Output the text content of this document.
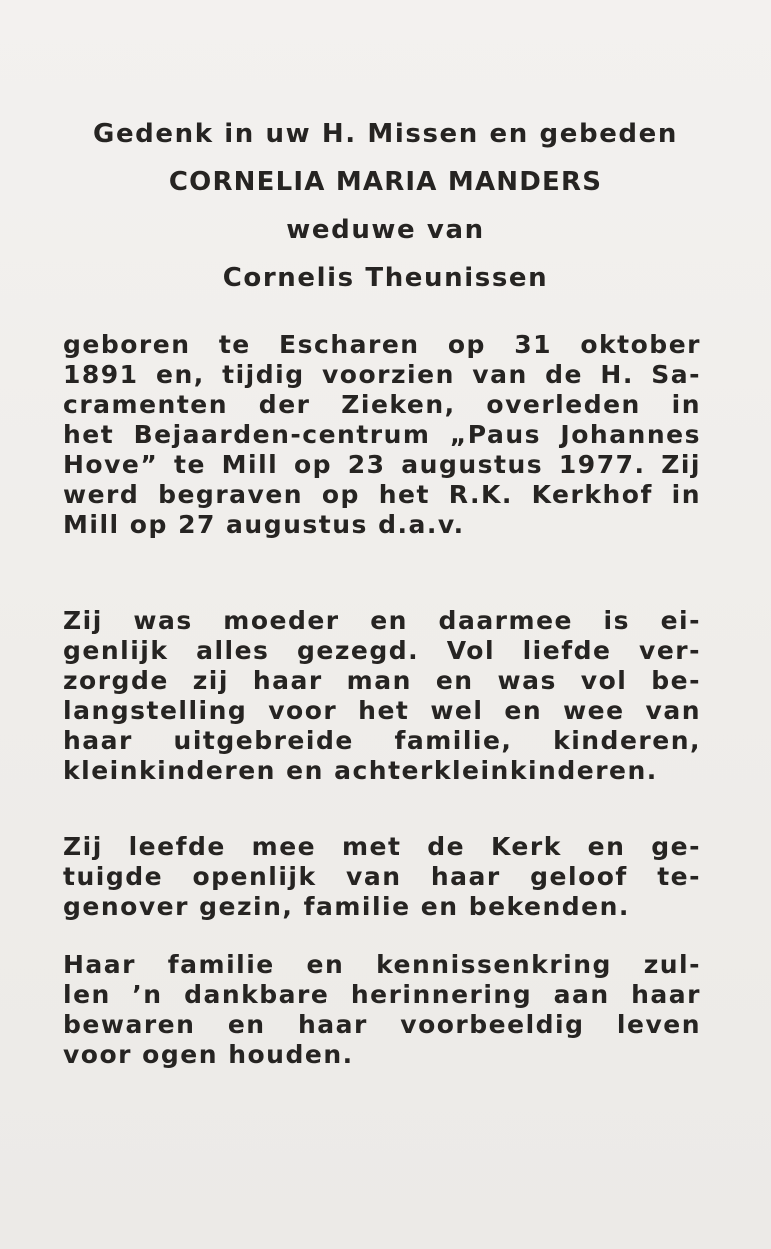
Gedenk in uw H. Missen en gebeden
CORNELIA MARIA MANDERS
weduwe van
Cornelis Theunissen
geboren te Escharen op 31 oktober
1891 en, tijdig voorzien van de H. Sa-
cramenten der Zieken, overleden in
het Bejaarden-centrum „Paus Johannes
Hove” te Mill op 23 augustus 1977. Zij
werd begraven op het R.K. Kerkhof in
Mill op 27 augustus d.a.v.
Zij was moeder en daarmee is ei-
genlijk alles gezegd. Vol liefde ver-
zorgde zij haar man en was vol be-
langstelling voor het wel en wee van
haar uitgebreide familie, kinderen,
kleinkinderen en achterkleinkinderen.
Zij leefde mee met de Kerk en ge-
tuigde openlijk van haar geloof te-
genover gezin, familie en bekenden.
Haar familie en kennissenkring zul-
len ’n dankbare herinnering aan haar
bewaren en haar voorbeeldig leven
voor ogen houden.
